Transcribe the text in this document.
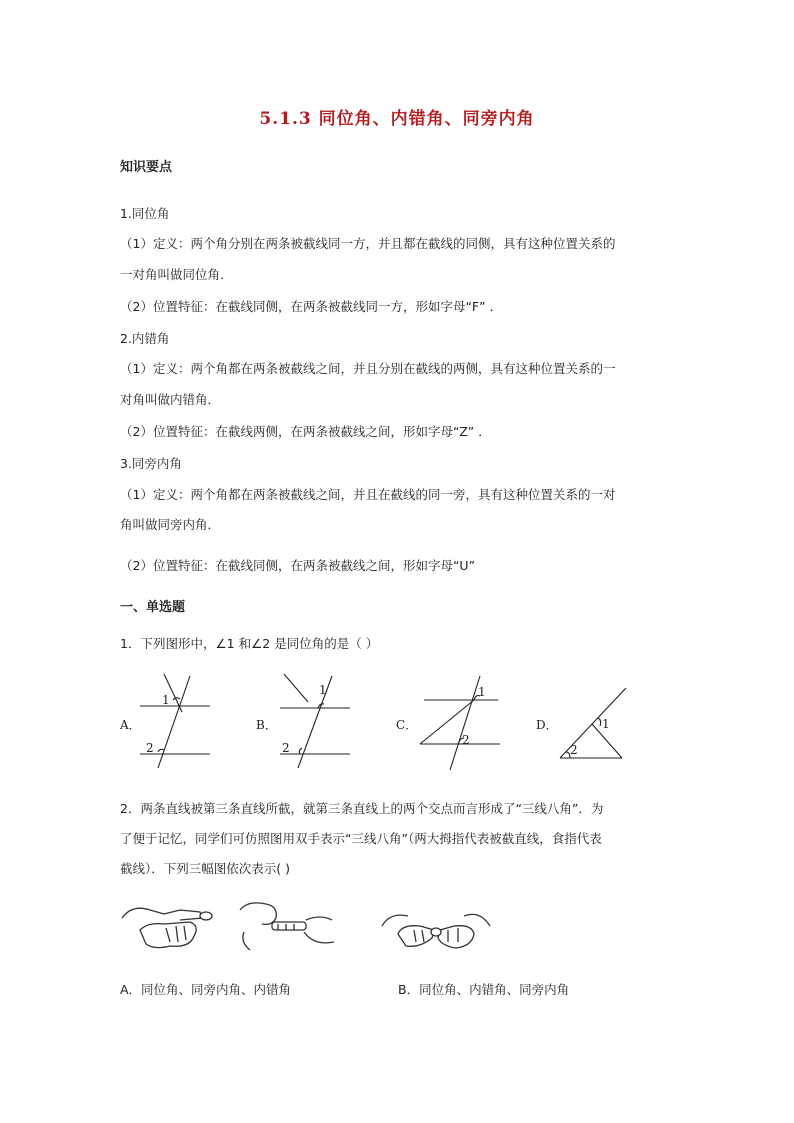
5.1.3 同位角、内错角、同旁内角
知识要点
1.同位角
（1）定义：两个角分别在两条被截线同一方，并且都在截线的同侧，具有这种位置关系的
一对角叫做同位角．
（2）位置特征：在截线同侧，在两条被截线同一方，形如字母“F” ．
2.内错角
（1）定义：两个角都在两条被截线之间，并且分别在截线的两侧，具有这种位置关系的一
对角叫做内错角．
（2）位置特征：在截线两侧，在两条被截线之间，形如字母“Z” ．
3.同旁内角
（1）定义：两个角都在两条被截线之间，并且在截线的同一旁，具有这种位置关系的一对
角叫做同旁内角．
（2）位置特征：在截线同侧，在两条被截线之间，形如字母“U”
一、单选题
1．下列图形中，∠1 和∠2 是同位角的是（ ）
A．
1
2
B．
1
2
C．
1
2
D．	1
2
2．两条直线被第三条直线所截，就第三条直线上的两个交点而言形成了“三线八角”．为
了便于记忆，同学们可仿照图用双手表示“三线八角”（两大拇指代表被截直线，食指代表
截线）．下列三幅图依次表示( )
A．同位角、同旁内角、内错角	B．同位角、内错角、同旁内角
